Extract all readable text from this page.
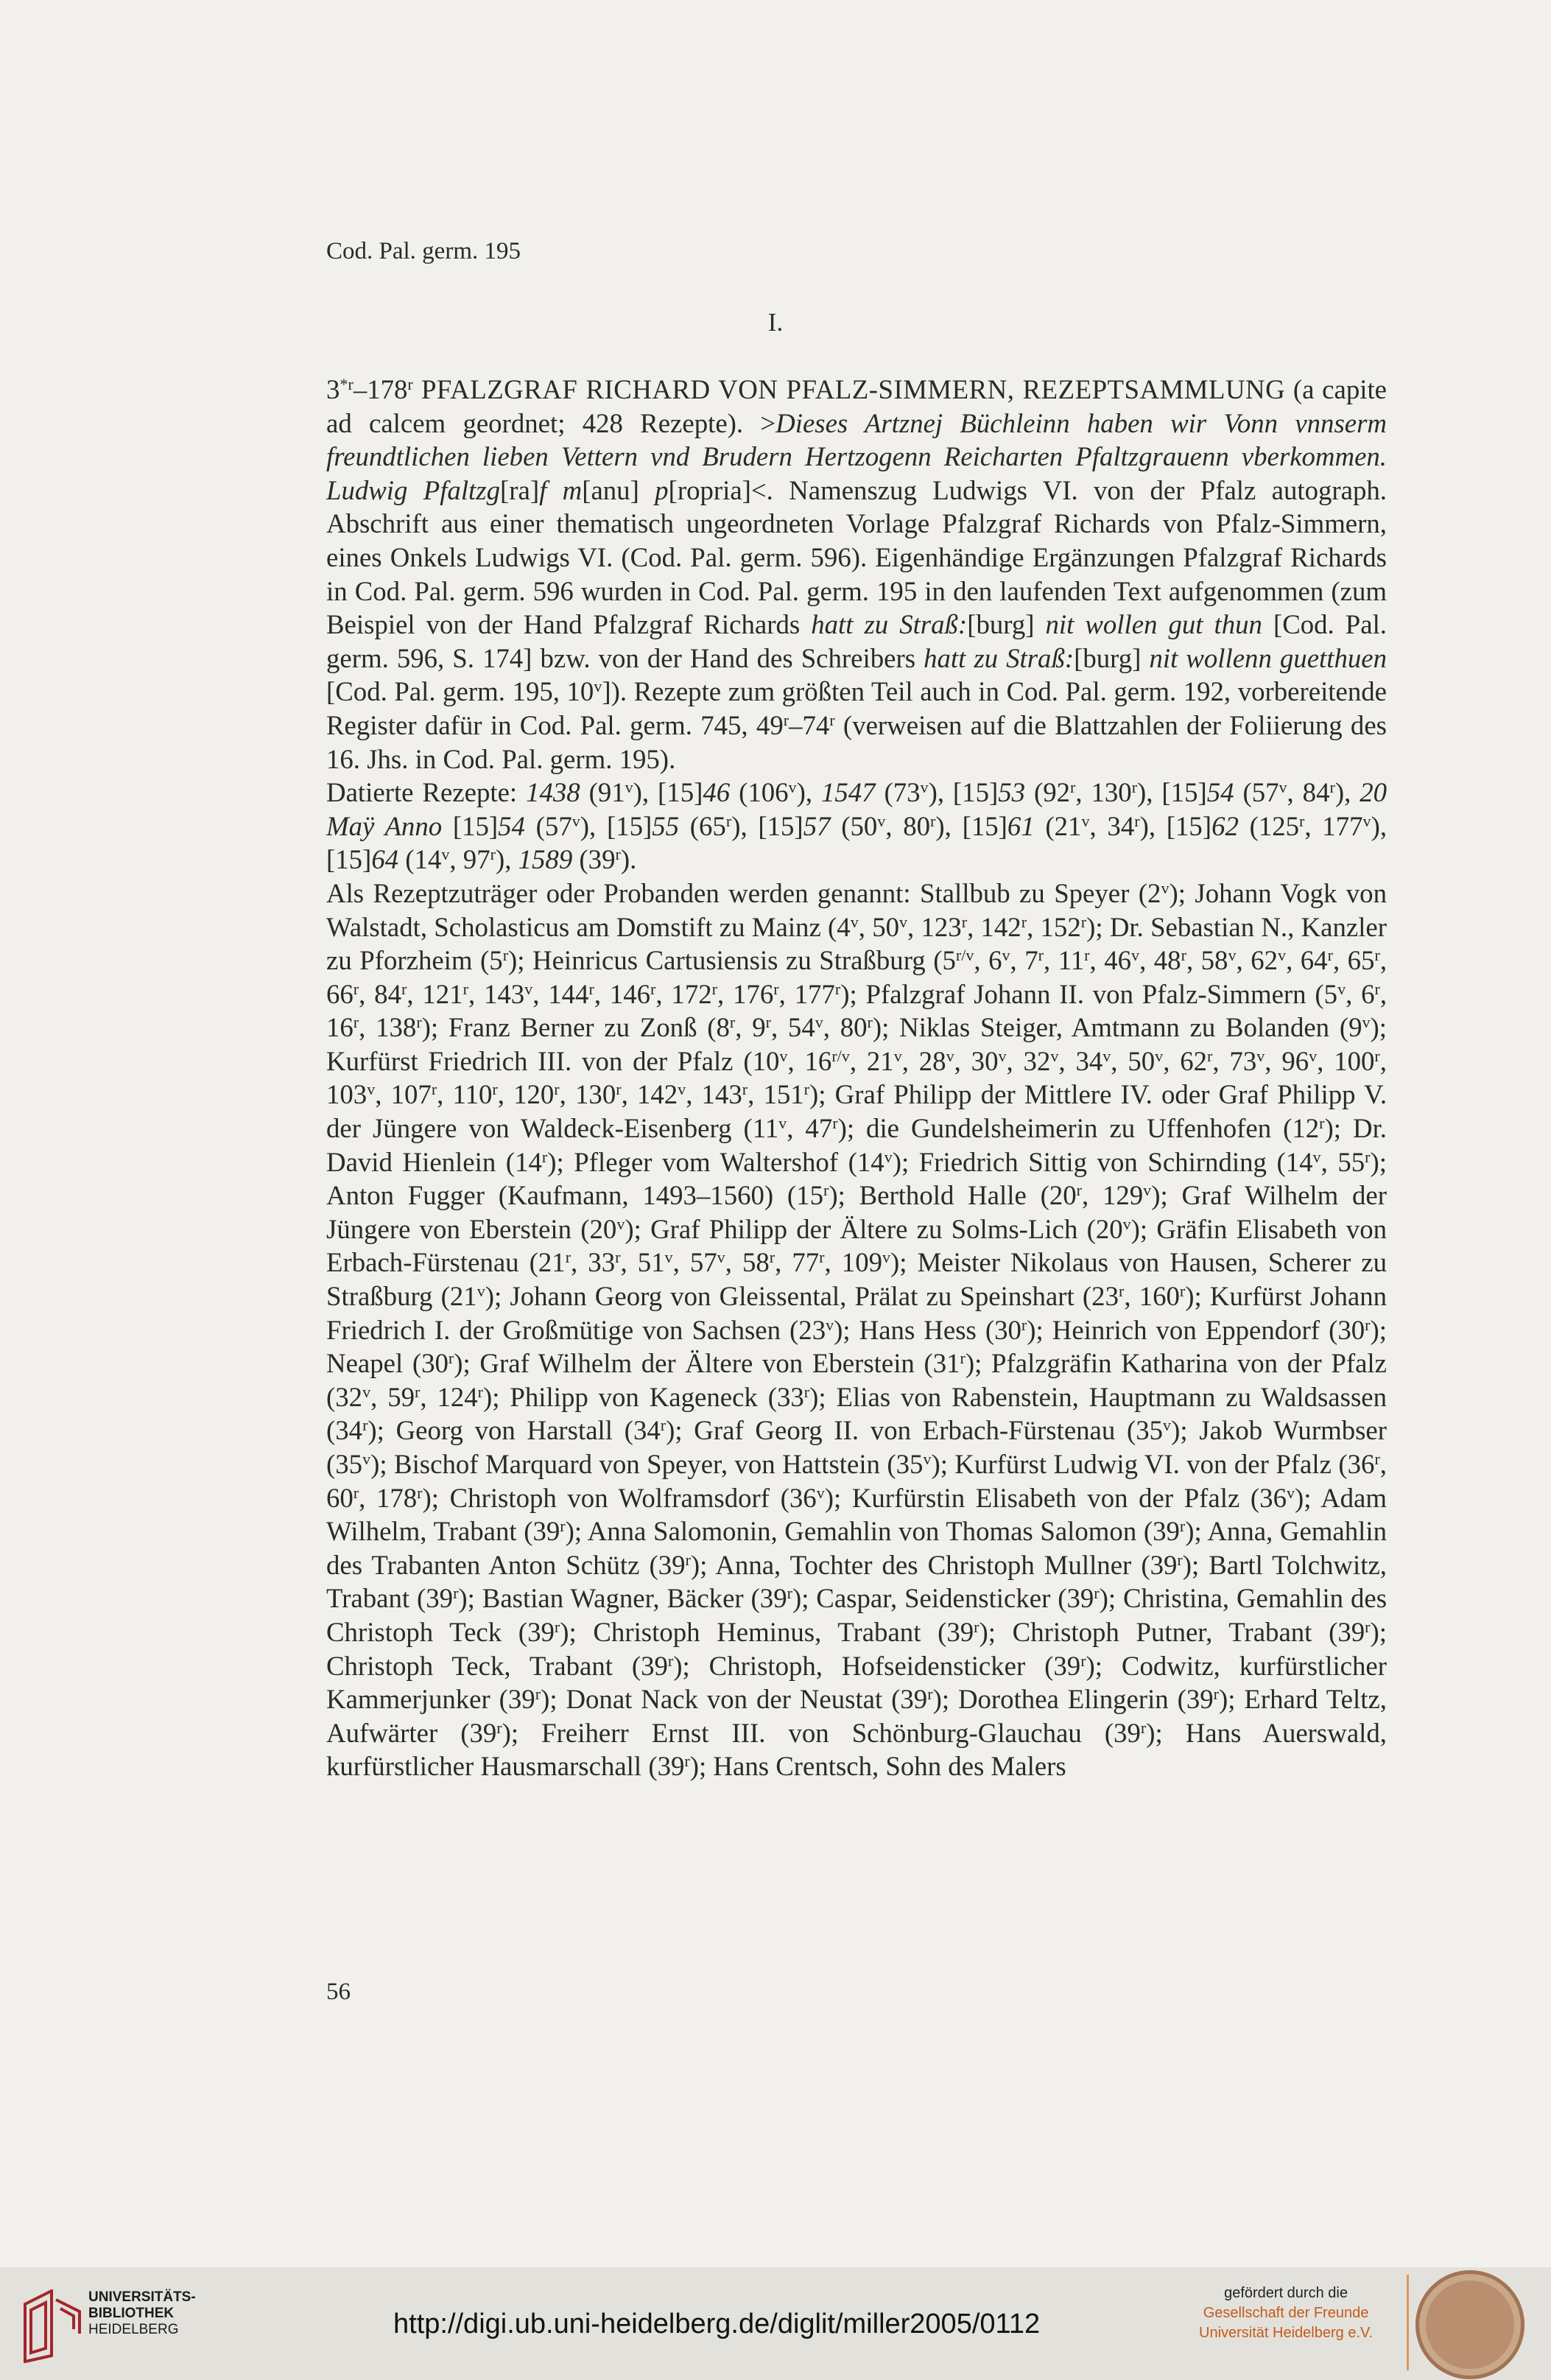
Cod. Pal. germ. 195
I.

3$^{*r}$–178$^r$ PFALZGRAF RICHARD VON PFALZ-SIMMERN, REZEPTSAMMLUNG (a capite ad calcem geordnet; 428 Rezepte). >Dieses Artznej Büchleinn haben wir Vonn vnnserm freundtlichen lieben Vettern vnd Brudern Hertzogenn Reicharten Pfaltzgrauenn vberkommen. Ludwig Pfaltzg[ra]f m[anu] p[ropria]<. Namenszug Ludwigs VI. von der Pfalz autograph. Abschrift aus einer thematisch ungeordneten Vorlage Pfalzgraf Richards von Pfalz-Simmern, eines Onkels Ludwigs VI. (Cod. Pal. germ. 596). Eigenhändige Ergänzungen Pfalzgraf Richards in Cod. Pal. germ. 596 wurden in Cod. Pal. germ. 195 in den laufenden Text aufgenommen (zum Beispiel von der Hand Pfalzgraf Richards hatt zu Straß:[burg] nit wollen gut thun [Cod. Pal. germ. 596, S. 174] bzw. von der Hand des Schreibers hatt zu Straß:[burg] nit wollenn guetthuen [Cod. Pal. germ. 195, 10$^v$]). Rezepte zum größten Teil auch in Cod. Pal. germ. 192, vorbereitende Register dafür in Cod. Pal. germ. 745, 49$^r$–74$^r$ (verweisen auf die Blattzahlen der Foliierung des 16. Jhs. in Cod. Pal. germ. 195).

Datierte Rezepte: 1438 (91$^v$), [15]46 (106$^v$), 1547 (73$^v$), [15]53 (92$^r$, 130$^r$), [15]54 (57$^v$, 84$^r$), 20 Maÿ Anno [15]54 (57$^v$), [15]55 (65$^r$), [15]57 (50$^v$, 80$^r$), [15]61 (21$^v$, 34$^r$), [15]62 (125$^r$, 177$^v$), [15]64 (14$^v$, 97$^r$), 1589 (39$^r$).

Als Rezeptzuträger oder Probanden werden genannt: Stallbub zu Speyer (2$^v$); Johann Vogk von Walstadt, Scholasticus am Domstift zu Mainz (4$^v$, 50$^v$, 123$^r$, 142$^r$, 152$^r$); Dr. Sebastian N., Kanzler zu Pforzheim (5$^r$); Heinricus Cartusiensis zu Straßburg ($5^{r/v}$, 6$^v$, 7$^r$, 11$^r$, 46$^v$, 48$^r$, 58$^v$, 62$^v$, 64$^r$, 65$^r$, 66$^r$, 84$^r$, 121$^r$, 143$^v$, 144$^r$, 146$^r$, 172$^r$, 176$^r$, 177$^r$); Pfalzgraf Johann II. von Pfalz-Simmern (5$^v$, 6$^r$, 16$^r$, 138$^r$); Franz Berner zu Zonß (8$^r$, 9$^r$, 54$^v$, 80$^r$); Niklas Steiger, Amtmann zu Bolanden (9$^v$); Kurfürst Friedrich III. von der Pfalz (10$^v$, $16^{r/v}$, 21$^v$, 28$^v$, 30$^v$, 32$^v$, 34$^v$, 50$^v$, 62$^r$, 73$^v$, 96$^v$, 100$^r$, 103$^v$, 107$^r$, 110$^r$, 120$^r$, 130$^r$, 142$^v$, 143$^r$, 151$^r$); Graf Philipp der Mittlere IV. oder Graf Philipp V. der Jüngere von Waldeck-Eisenberg (11$^v$, 47$^r$); die Gundelsheimerin zu Uffenhofen (12$^r$); Dr. David Hienlein (14$^r$); Pfleger vom Waltershof (14$^v$); Friedrich Sittig von Schirnding (14$^v$, 55$^r$); Anton Fugger (Kaufmann, 1493–1560) (15$^r$); Berthold Halle (20$^r$, 129$^v$); Graf Wilhelm der Jüngere von Eberstein (20$^v$); Graf Philipp der Ältere zu Solms-Lich (20$^v$); Gräfin Elisabeth von Erbach-Fürstenau (21$^r$, 33$^r$, 51$^v$, 57$^v$, 58$^r$, 77$^r$, 109$^v$); Meister Nikolaus von Hausen, Scherer zu Straßburg (21$^v$); Johann Georg von Gleissental, Prälat zu Speinshart (23$^r$, 160$^r$); Kurfürst Johann Friedrich I. der Großmütige von Sachsen (23$^v$); Hans Hess (30$^r$); Heinrich von Eppendorf (30$^r$); Neapel (30$^r$); Graf Wilhelm der Ältere von Eberstein (31$^r$); Pfalzgräfin Katharina von der Pfalz (32$^v$, 59$^r$, 124$^r$); Philipp von Kageneck (33$^r$); Elias von Rabenstein, Hauptmann zu Waldsassen (34$^r$); Georg von Harstall (34$^r$); Graf Georg II. von Erbach-Fürstenau (35$^v$); Jakob Wurmbser (35$^v$); Bischof Marquard von Speyer, von Hattstein (35$^v$); Kurfürst Ludwig VI. von der Pfalz (36$^r$, 60$^r$, 178$^r$); Christoph von Wolframsdorf (36$^v$); Kurfürstin Elisabeth von der Pfalz (36$^v$); Adam Wilhelm, Trabant (39$^r$); Anna Salomonin, Gemahlin von Thomas Salomon (39$^r$); Anna, Gemahlin des Trabanten Anton Schütz (39$^r$); Anna, Tochter des Christoph Mullner (39$^r$); Bartl Tolchwitz, Trabant (39$^r$); Bastian Wagner, Bäcker (39$^r$); Caspar, Seidensticker (39$^r$); Christina, Gemahlin des Christoph Teck (39$^r$); Christoph Heminus, Trabant (39$^r$); Christoph Putner, Trabant (39$^r$); Christoph Teck, Trabant (39$^r$); Christoph, Hofseidensticker (39$^r$); Codwitz, kurfürstlicher Kammerjunker (39$^r$); Donat Nack von der Neustat (39$^r$); Dorothea Elingerin (39$^r$); Erhard Teltz, Aufwärter (39$^r$); Freiherr Ernst III. von Schönburg-Glauchau (39$^r$); Hans Auerswald, kurfürstlicher Hausmarschall (39$^r$); Hans Crentsch, Sohn des Malers

56
UNIVERSITÄTS-
BIBLIOTHEK
HEIDELBERG	http://digi.ub.uni-heidelberg.de/diglit/miller2005/0112
gefördert durch die
Gesellschaft der Freunde
Universität Heidelberg e.V.
